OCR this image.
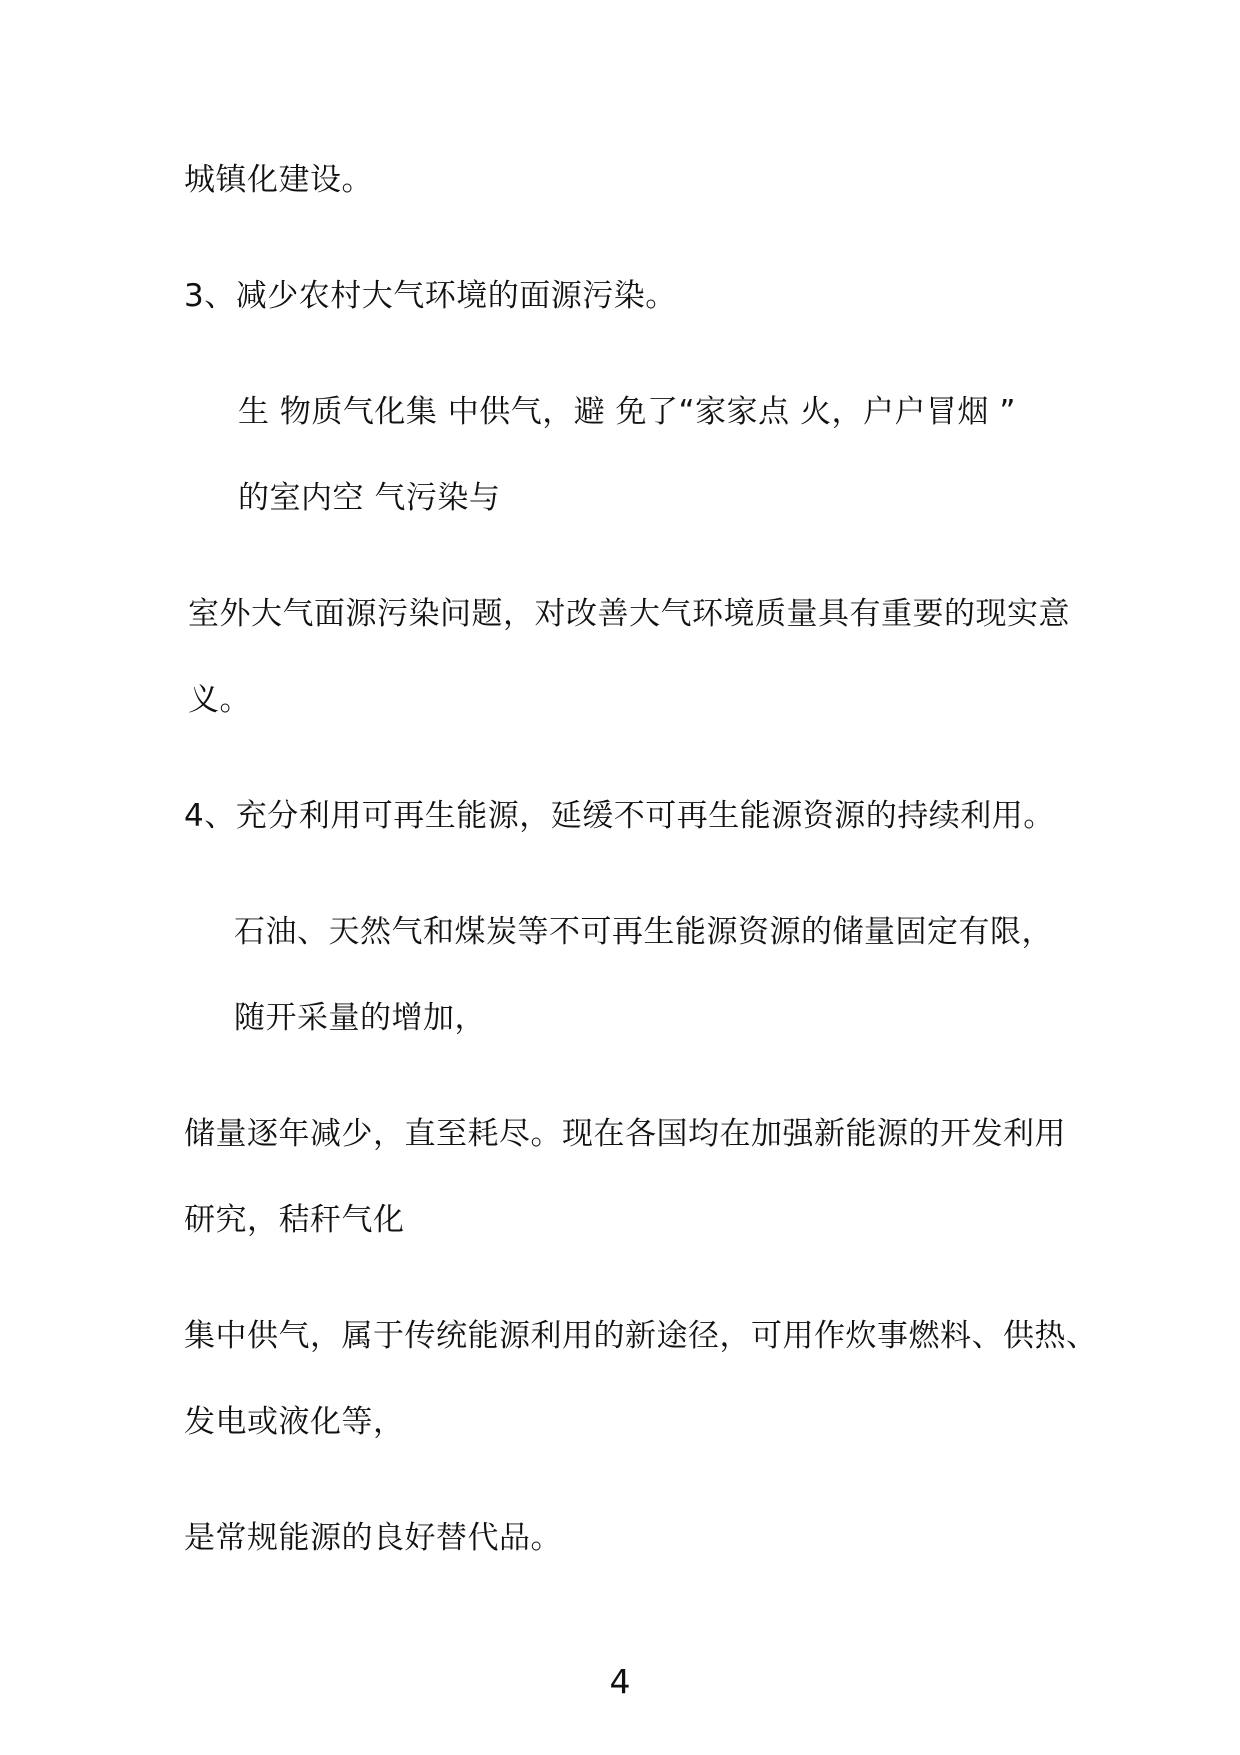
城镇化建设。
3、减少农村大气环境的面源污染。
生 物质气化集 中供气，避 免了“家家点 火，户户冒烟 ”
的室内空 气污染与
室外大气面源污染问题，对改善大气环境质量具有重要的现实意
义。
4、充分利用可再生能源，延缓不可再生能源资源的持续利用。
石油、天然气和煤炭等不可再生能源资源的储量固定有限，
随开采量的增加，
储量逐年减少，直至耗尽。现在各国均在加强新能源的开发利用
研究，秸秆气化
集中供气，属于传统能源利用的新途径，可用作炊事燃料、供热、
发电或液化等，
是常规能源的良好替代品。
4
